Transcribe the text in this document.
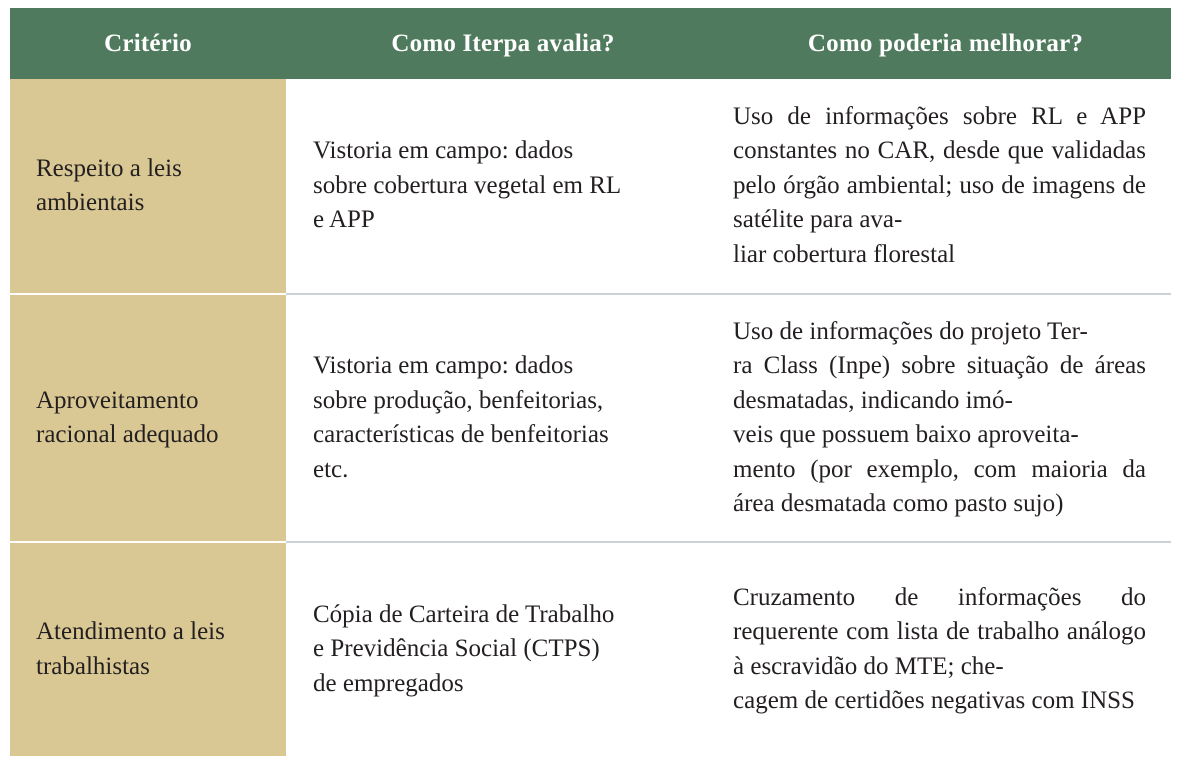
Critério	Como Iterpa avalia?	Como poderia melhorar?
Respeito a leis
ambientais
Vistoria em campo: dados
sobre cobertura vegetal em RL
e APP
Uso de informações sobre RL e APP constantes no CAR, desde que validadas pelo órgão ambiental; uso de imagens de satélite para ava-
liar cobertura florestal
Aproveitamento
racional adequado
Vistoria em campo: dados
sobre produção, benfeitorias,
características de benfeitorias
etc.
Uso de informações do projeto Ter-
ra Class (Inpe) sobre situação de áreas desmatadas, indicando imó-
veis que possuem baixo aproveita-
mento (por exemplo, com maioria da área desmatada como pasto sujo)
Atendimento a leis
trabalhistas
Cópia de Carteira de Trabalho
e Previdência Social (CTPS)
de empregados
Cruzamento de informações do requerente com lista de trabalho análogo à escravidão do MTE; che-
cagem de certidões negativas com INSS
